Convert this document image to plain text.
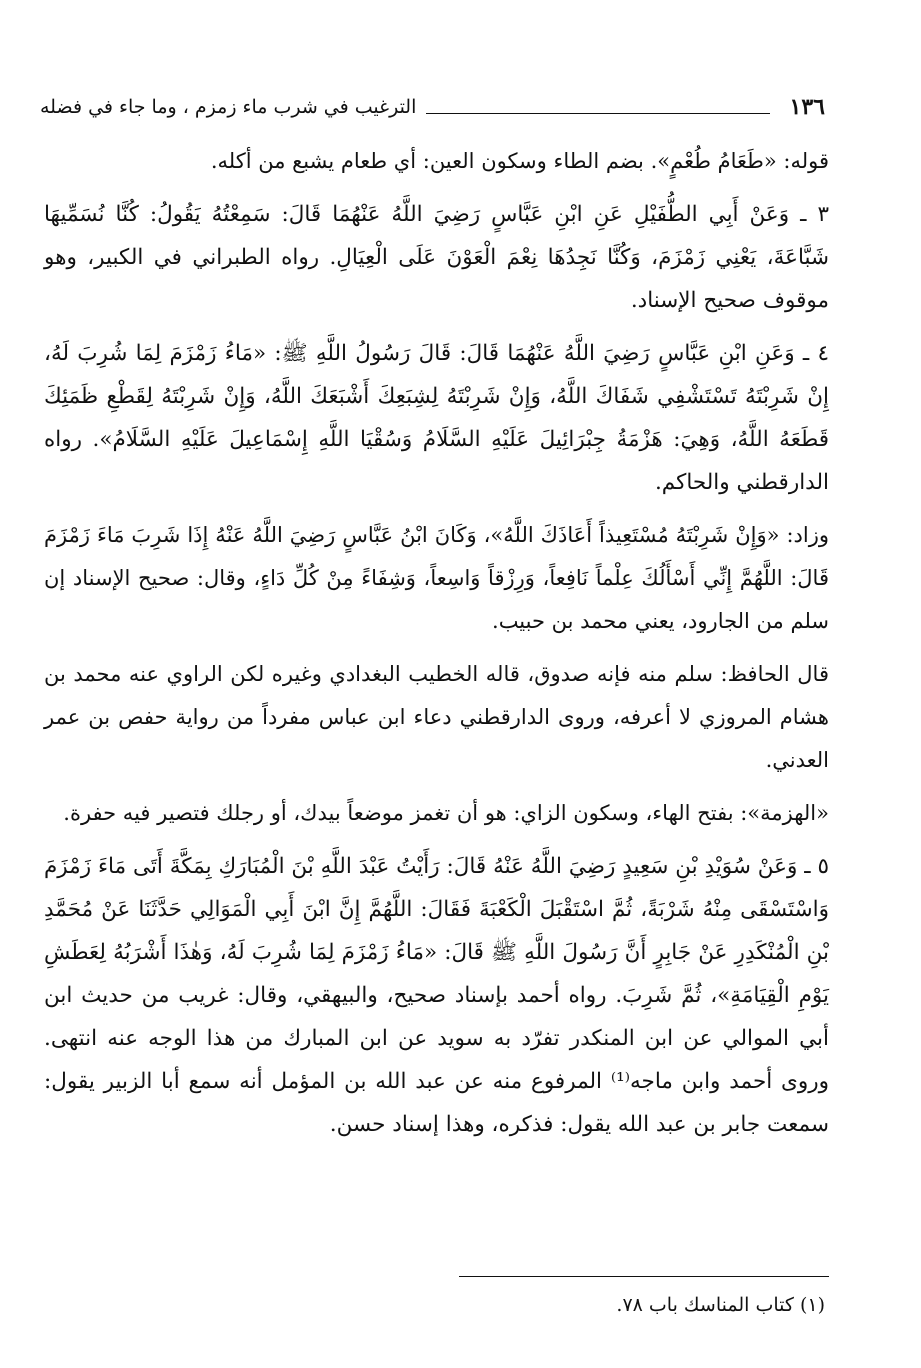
١٣٦
الترغيب في شرب ماء زمزم ، وما جاء في فضله

قوله: «طَعَامُ طُعْمٍ». بضم الطاء وسكون العين: أي طعام يشبع من أكله.

٣ ـ وَعَنْ أَبِي الطُّفَيْلِ عَنِ ابْنِ عَبَّاسٍ رَضِيَ اللَّهُ عَنْهُمَا قَالَ: سَمِعْتُهُ يَقُولُ: كُنَّا نُسَمِّيهَا شَبَّاعَةَ، يَعْنِي زَمْزَمَ، وَكُنَّا نَجِدُهَا نِعْمَ الْعَوْنَ عَلَى الْعِيَالِ. رواه الطبراني في الكبير، وهو موقوف صحيح الإسناد.

٤ ـ وَعَنِ ابْنِ عَبَّاسٍ رَضِيَ اللَّهُ عَنْهُمَا قَالَ: قَالَ رَسُولُ اللَّهِ ﷺ: «مَاءُ زَمْزَمَ لِمَا شُرِبَ لَهُ، إِنْ شَرِبْتَهُ تَسْتَشْفِي شَفَاكَ اللَّهُ، وَإِنْ شَرِبْتَهُ لِشِبَعِكَ أَشْبَعَكَ اللَّهُ، وَإِنْ شَرِبْتَهُ لِقَطْعِ ظَمَئِكَ قَطَعَهُ اللَّهُ، وَهِيَ: هَزْمَةُ جِبْرَائِيلَ عَلَيْهِ السَّلَامُ وَسُقْيَا اللَّهِ إِسْمَاعِيلَ عَلَيْهِ السَّلَامُ». رواه الدارقطني والحاكم.

وزاد: «وَإِنْ شَرِبْتَهُ مُسْتَعِيذاً أَعَاذَكَ اللَّهُ»، وَكَانَ ابْنُ عَبَّاسٍ رَضِيَ اللَّهُ عَنْهُ إِذَا شَرِبَ مَاءَ زَمْزَمَ قَالَ: اللَّهُمَّ إِنِّي أَسْأَلُكَ عِلْماً نَافِعاً، وَرِزْقاً وَاسِعاً، وَشِفَاءً مِنْ كُلِّ دَاءٍ، وقال: صحيح الإسناد إن سلم من الجارود، يعني محمد بن حبيب.

قال الحافظ: سلم منه فإنه صدوق، قاله الخطيب البغدادي وغيره لكن الراوي عنه محمد بن هشام المروزي لا أعرفه، وروى الدارقطني دعاء ابن عباس مفرداً من رواية حفص بن عمر العدني.

«الهزمة»: بفتح الهاء، وسكون الزاي: هو أن تغمز موضعاً بيدك، أو رجلك فتصير فيه حفرة.

٥ ـ وَعَنْ سُوَيْدِ بْنِ سَعِيدٍ رَضِيَ اللَّهُ عَنْهُ قَالَ: رَأَيْتُ عَبْدَ اللَّهِ بْنَ الْمُبَارَكِ بِمَكَّةَ أَتَى مَاءَ زَمْزَمَ وَاسْتَسْقَى مِنْهُ شَرْبَةً، ثُمَّ اسْتَقْبَلَ الْكَعْبَةَ فَقَالَ: اللَّهُمَّ إِنَّ ابْنَ أَبِي الْمَوَالِي حَدَّثَنَا عَنْ مُحَمَّدِ بْنِ الْمُنْكَدِرِ عَنْ جَابِرٍ أَنَّ رَسُولَ اللَّهِ ﷺ قَالَ: «مَاءُ زَمْزَمَ لِمَا شُرِبَ لَهُ، وَهٰذَا أَشْرَبُهُ لِعَطَشِ يَوْمِ الْقِيَامَةِ»، ثُمَّ شَرِبَ. رواه أحمد بإسناد صحيح، والبيهقي، وقال: غريب من حديث ابن أبي الموالي عن ابن المنكدر تفرّد به سويد عن ابن المبارك من هذا الوجه عنه انتهى. وروى أحمد وابن ماجه⁽¹⁾ المرفوع منه عن عبد الله بن المؤمل أنه سمع أبا الزبير يقول: سمعت جابر بن عبد الله يقول: فذكره، وهذا إسناد حسن.

(١) كتاب المناسك باب ٧٨.
